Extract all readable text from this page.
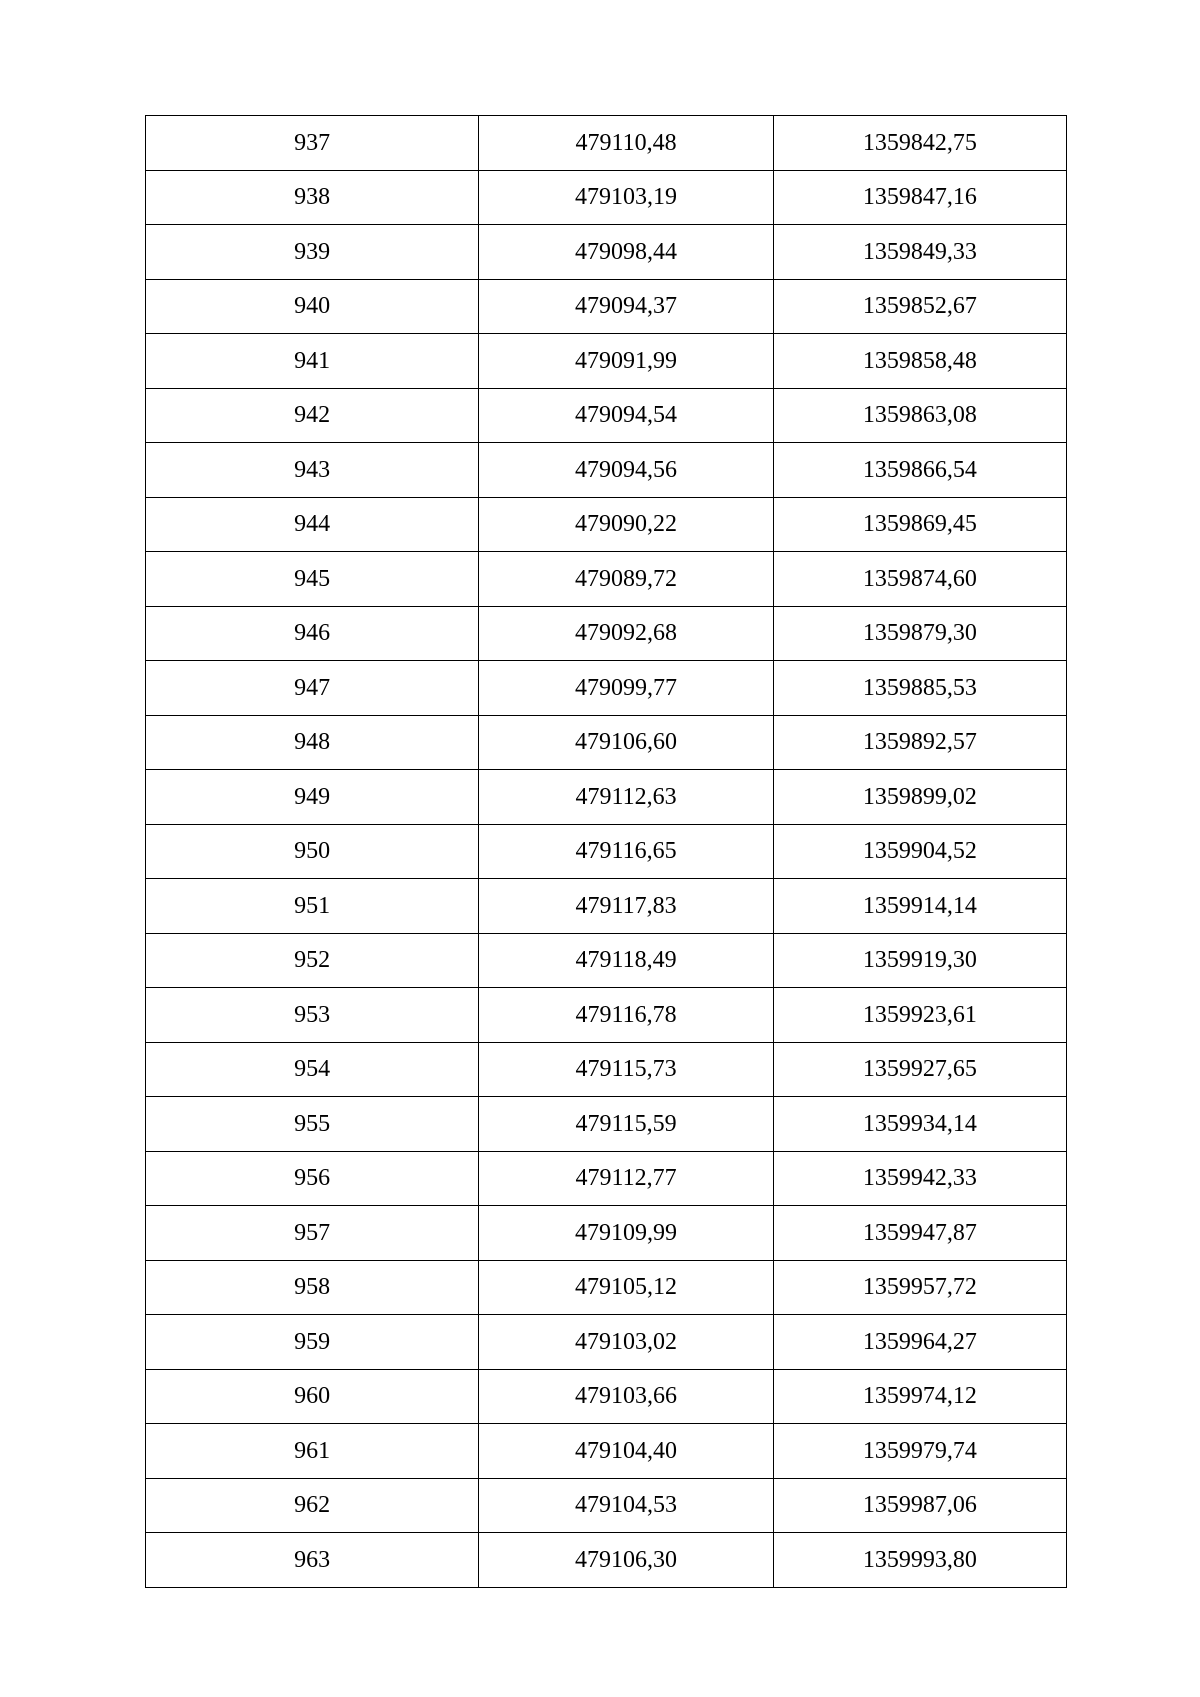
937	479110,48	1359842,75
938	479103,19	1359847,16
939	479098,44	1359849,33
940	479094,37	1359852,67
941	479091,99	1359858,48
942	479094,54	1359863,08
943	479094,56	1359866,54
944	479090,22	1359869,45
945	479089,72	1359874,60
946	479092,68	1359879,30
947	479099,77	1359885,53
948	479106,60	1359892,57
949	479112,63	1359899,02
950	479116,65	1359904,52
951	479117,83	1359914,14
952	479118,49	1359919,30
953	479116,78	1359923,61
954	479115,73	1359927,65
955	479115,59	1359934,14
956	479112,77	1359942,33
957	479109,99	1359947,87
958	479105,12	1359957,72
959	479103,02	1359964,27
960	479103,66	1359974,12
961	479104,40	1359979,74
962	479104,53	1359987,06
963	479106,30	1359993,80
